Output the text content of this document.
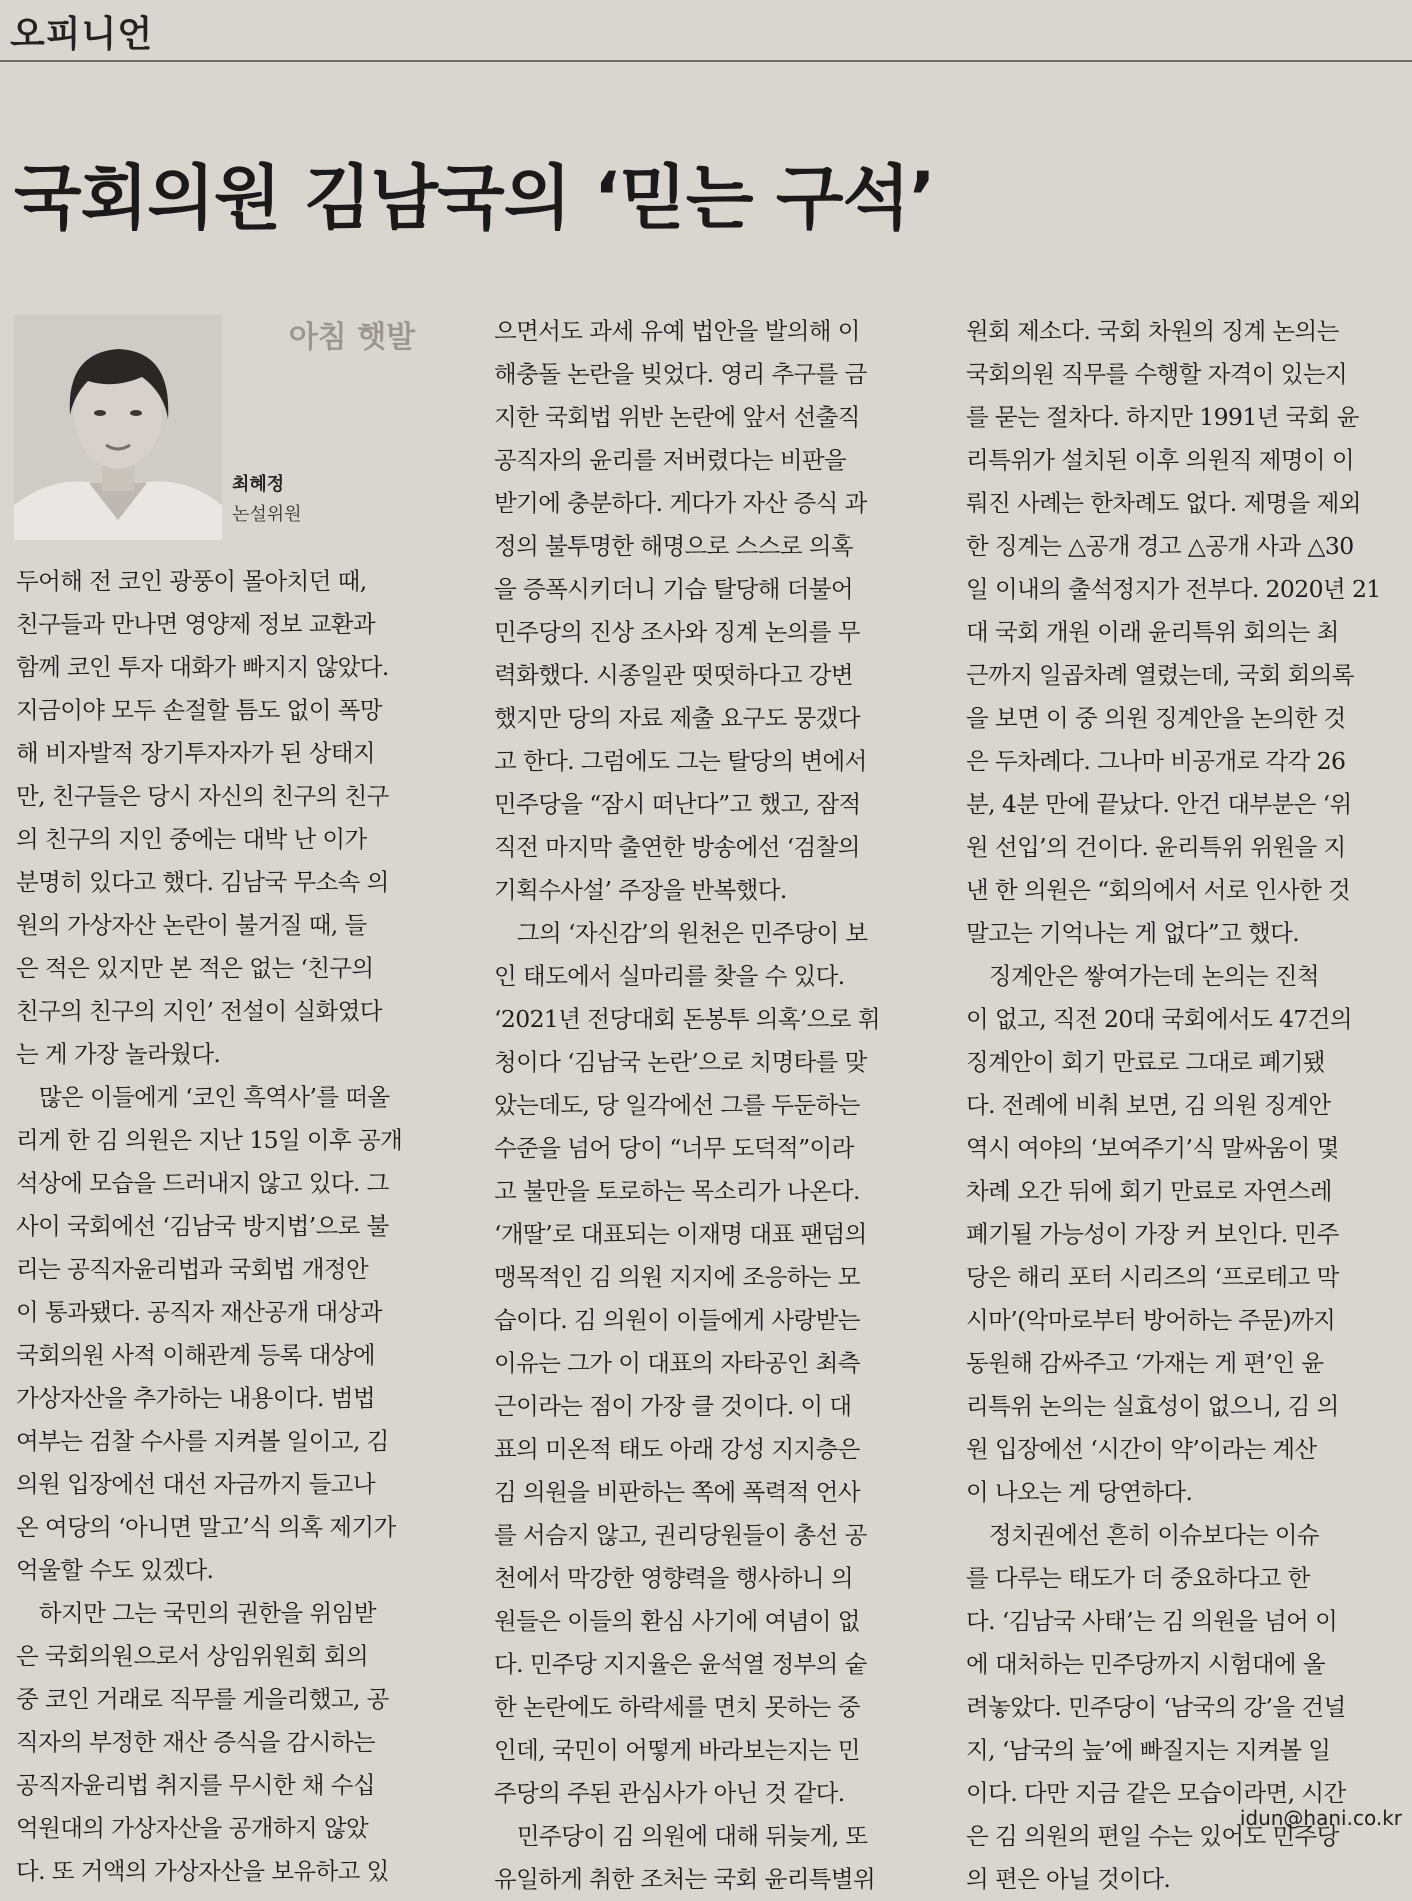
오피니언
국회의원 김남국의 ‘믿는 구석’
아침 햇발
최혜정
논설위원
두어해 전 코인 광풍이 몰아치던 때,
친구들과 만나면 영양제 정보 교환과
함께 코인 투자 대화가 빠지지 않았다.
지금이야 모두 손절할 틈도 없이 폭망
해 비자발적 장기투자자가 된 상태지
만, 친구들은 당시 자신의 친구의 친구
의 친구의 지인 중에는 대박 난 이가
분명히 있다고 했다. 김남국 무소속 의
원의 가상자산 논란이 불거질 때, 들
은 적은 있지만 본 적은 없는 ‘친구의
친구의 친구의 지인’ 전설이 실화였다
는 게 가장 놀라웠다.
　많은 이들에게 ‘코인 흑역사’를 떠올
리게 한 김 의원은 지난 15일 이후 공개
석상에 모습을 드러내지 않고 있다. 그
사이 국회에선 ‘김남국 방지법’으로 불
리는 공직자윤리법과 국회법 개정안
이 통과됐다. 공직자 재산공개 대상과
국회의원 사적 이해관계 등록 대상에
가상자산을 추가하는 내용이다. 범법
여부는 검찰 수사를 지켜볼 일이고, 김
의원 입장에선 대선 자금까지 들고나
온 여당의 ‘아니면 말고’식 의혹 제기가
억울할 수도 있겠다.
　하지만 그는 국민의 권한을 위임받
은 국회의원으로서 상임위원회 회의
중 코인 거래로 직무를 게을리했고, 공
직자의 부정한 재산 증식을 감시하는
공직자윤리법 취지를 무시한 채 수십
억원대의 가상자산을 공개하지 않았
다. 또 거액의 가상자산을 보유하고 있
으면서도 과세 유예 법안을 발의해 이
해충돌 논란을 빚었다. 영리 추구를 금
지한 국회법 위반 논란에 앞서 선출직
공직자의 윤리를 저버렸다는 비판을
받기에 충분하다. 게다가 자산 증식 과
정의 불투명한 해명으로 스스로 의혹
을 증폭시키더니 기습 탈당해 더불어
민주당의 진상 조사와 징계 논의를 무
력화했다. 시종일관 떳떳하다고 강변
했지만 당의 자료 제출 요구도 뭉갰다
고 한다. 그럼에도 그는 탈당의 변에서
민주당을 “잠시 떠난다”고 했고, 잠적
직전 마지막 출연한 방송에선 ‘검찰의
기획수사설’ 주장을 반복했다.
　그의 ‘자신감’의 원천은 민주당이 보
인 태도에서 실마리를 찾을 수 있다.
‘2021년 전당대회 돈봉투 의혹’으로 휘
청이다 ‘김남국 논란’으로 치명타를 맞
았는데도, 당 일각에선 그를 두둔하는
수준을 넘어 당이 “너무 도덕적”이라
고 불만을 토로하는 목소리가 나온다.
‘개딸’로 대표되는 이재명 대표 팬덤의
맹목적인 김 의원 지지에 조응하는 모
습이다. 김 의원이 이들에게 사랑받는
이유는 그가 이 대표의 자타공인 최측
근이라는 점이 가장 클 것이다. 이 대
표의 미온적 태도 아래 강성 지지층은
김 의원을 비판하는 쪽에 폭력적 언사
를 서슴지 않고, 권리당원들이 총선 공
천에서 막강한 영향력을 행사하니 의
원들은 이들의 환심 사기에 여념이 없
다. 민주당 지지율은 윤석열 정부의 숱
한 논란에도 하락세를 면치 못하는 중
인데, 국민이 어떻게 바라보는지는 민
주당의 주된 관심사가 아닌 것 같다.
　민주당이 김 의원에 대해 뒤늦게, 또
유일하게 취한 조처는 국회 윤리특별위
원회 제소다. 국회 차원의 징계 논의는
국회의원 직무를 수행할 자격이 있는지
를 묻는 절차다. 하지만 1991년 국회 윤
리특위가 설치된 이후 의원직 제명이 이
뤄진 사례는 한차례도 없다. 제명을 제외
한 징계는 △공개 경고 △공개 사과 △30
일 이내의 출석정지가 전부다. 2020년 21
대 국회 개원 이래 윤리특위 회의는 최
근까지 일곱차례 열렸는데, 국회 회의록
을 보면 이 중 의원 징계안을 논의한 것
은 두차례다. 그나마 비공개로 각각 26
분, 4분 만에 끝났다. 안건 대부분은 ‘위
원 선입’의 건이다. 윤리특위 위원을 지
낸 한 의원은 “회의에서 서로 인사한 것
말고는 기억나는 게 없다”고 했다.
　징계안은 쌓여가는데 논의는 진척
이 없고, 직전 20대 국회에서도 47건의
징계안이 회기 만료로 그대로 폐기됐
다. 전례에 비춰 보면, 김 의원 징계안
역시 여야의 ‘보여주기’식 말싸움이 몇
차례 오간 뒤에 회기 만료로 자연스레
폐기될 가능성이 가장 커 보인다. 민주
당은 해리 포터 시리즈의 ‘프로테고 막
시마’(악마로부터 방어하는 주문)까지
동원해 감싸주고 ‘가재는 게 편’인 윤
리특위 논의는 실효성이 없으니, 김 의
원 입장에선 ‘시간이 약’이라는 계산
이 나오는 게 당연하다.
　정치권에선 흔히 이슈보다는 이슈
를 다루는 태도가 더 중요하다고 한
다. ‘김남국 사태’는 김 의원을 넘어 이
에 대처하는 민주당까지 시험대에 올
려놓았다. 민주당이 ‘남국의 강’을 건널
지, ‘남국의 늪’에 빠질지는 지켜볼 일
이다. 다만 지금 같은 모습이라면, 시간
은 김 의원의 편일 수는 있어도 민주당
의 편은 아닐 것이다.
idun@hani.co.kr
